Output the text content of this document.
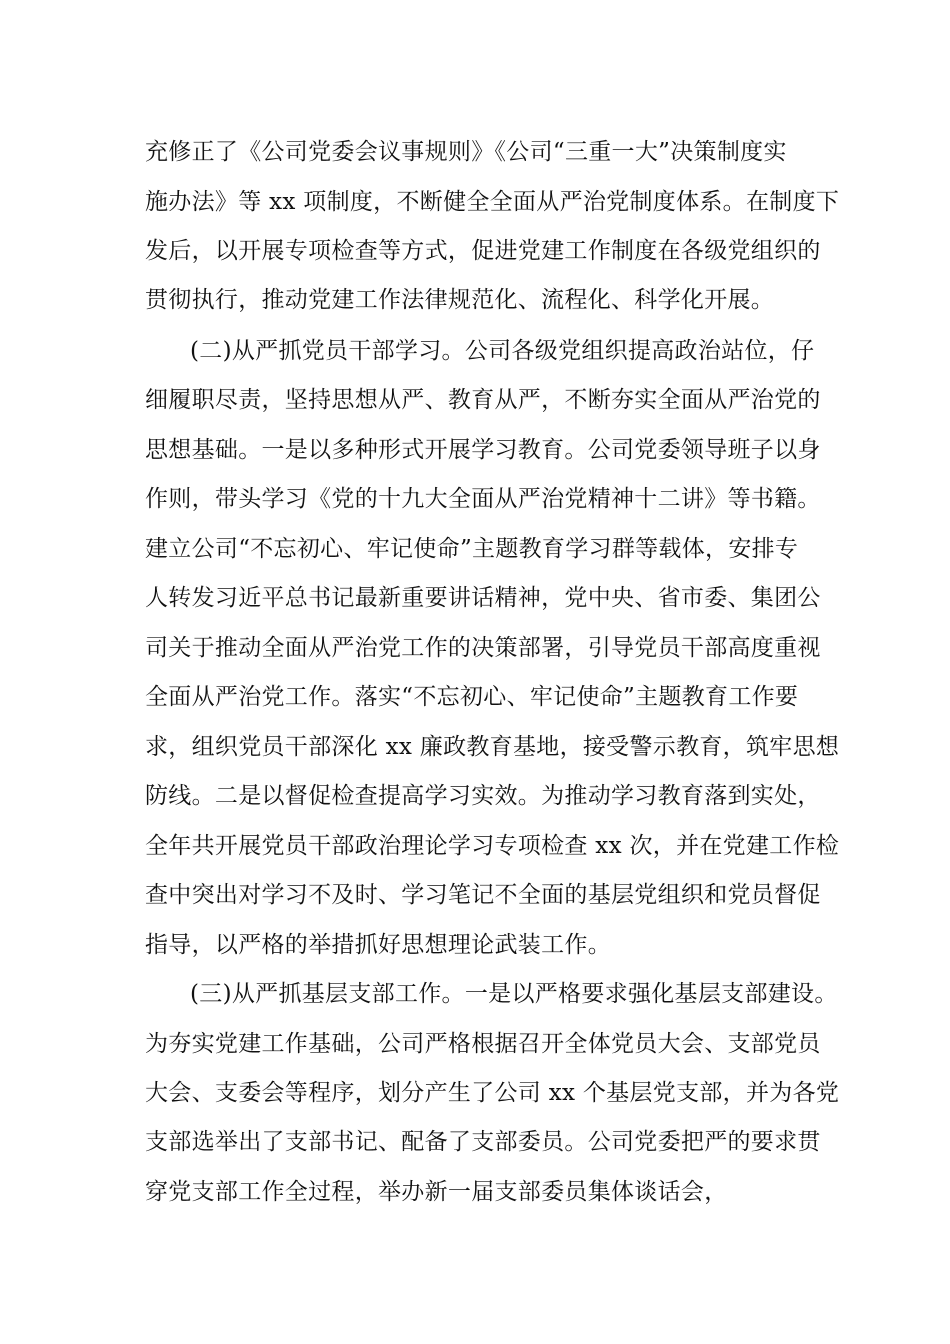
充修正了《公司党委会议事规则》《公司“三重一大”决策制度实

施办法》等 xx 项制度，不断健全全面从严治党制度体系。在制度下

发后，以开展专项检查等方式，促进党建工作制度在各级党组织的

贯彻执行，推动党建工作法律规范化、流程化、科学化开展。

(二)从严抓党员干部学习。公司各级党组织提高政治站位，仔

细履职尽责，坚持思想从严、教育从严，不断夯实全面从严治党的

思想基础。一是以多种形式开展学习教育。公司党委领导班子以身

作则，带头学习《党的十九大全面从严治党精神十二讲》等书籍。

建立公司“不忘初心、牢记使命”主题教育学习群等载体，安排专

人转发习近平总书记最新重要讲话精神，党中央、省市委、集团公

司关于推动全面从严治党工作的决策部署，引导党员干部高度重视

全面从严治党工作。落实“不忘初心、牢记使命”主题教育工作要

求，组织党员干部深化 xx 廉政教育基地，接受警示教育，筑牢思想

防线。二是以督促检查提高学习实效。为推动学习教育落到实处，

全年共开展党员干部政治理论学习专项检查 xx 次，并在党建工作检

查中突出对学习不及时、学习笔记不全面的基层党组织和党员督促

指导，以严格的举措抓好思想理论武装工作。

(三)从严抓基层支部工作。一是以严格要求强化基层支部建设。

为夯实党建工作基础，公司严格根据召开全体党员大会、支部党员

大会、支委会等程序，划分产生了公司 xx 个基层党支部，并为各党

支部选举出了支部书记、配备了支部委员。公司党委把严的要求贯

穿党支部工作全过程，举办新一届支部委员集体谈话会，
